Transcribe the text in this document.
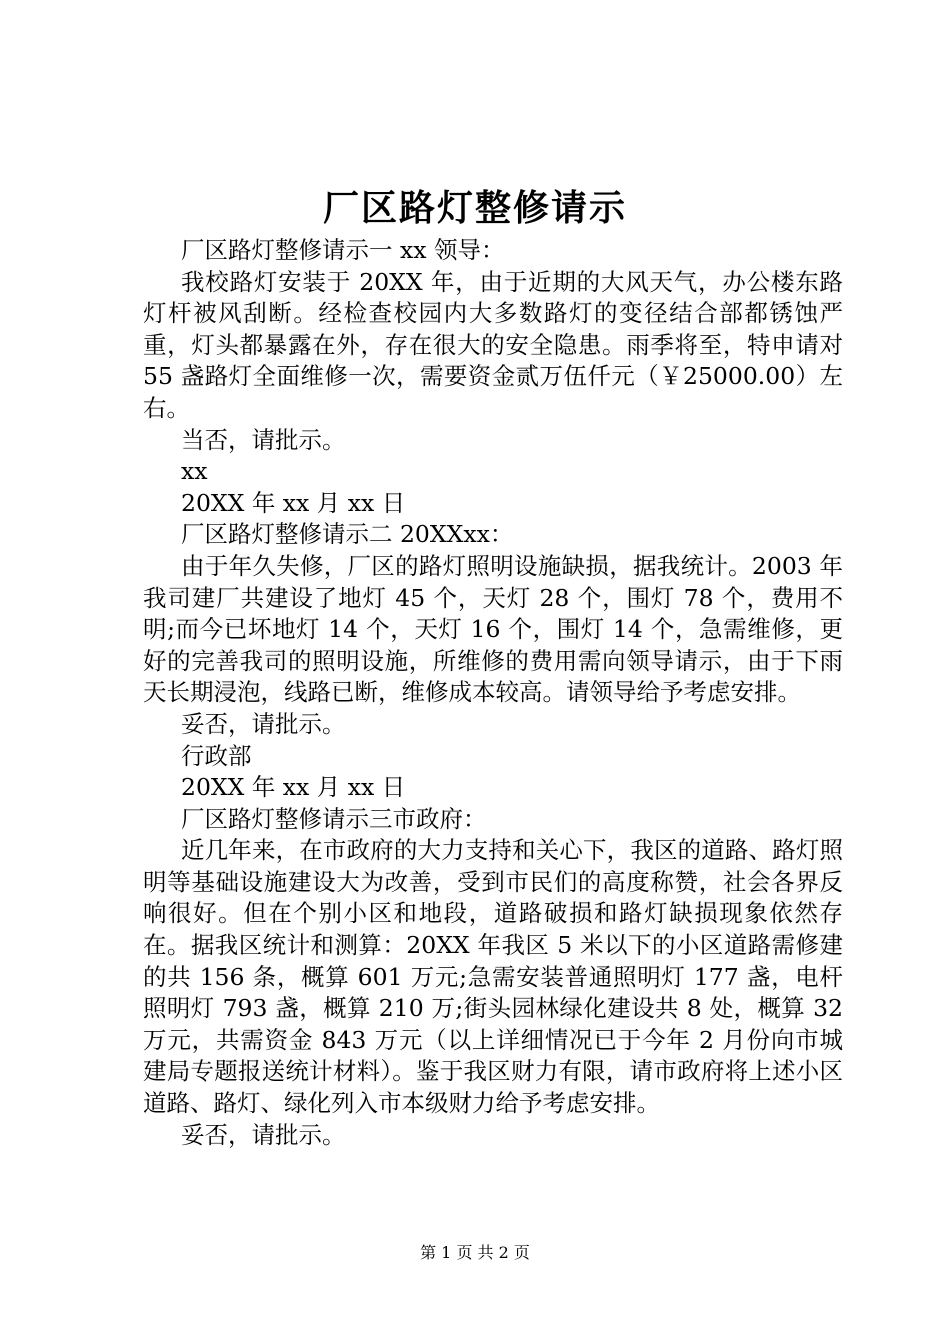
厂区路灯整修请示

厂区路灯整修请示一 xx 领导：

我校路灯安装于 20XX 年，由于近期的大风天气，办公楼东路灯杆被风刮断。经检查校园内大多数路灯的变径结合部都锈蚀严重，灯头都暴露在外，存在很大的安全隐患。雨季将至，特申请对 55 盏路灯全面维修一次，需要资金贰万伍仟元（￥25000.00）左右。

当否，请批示。

xx

20XX 年 xx 月 xx 日

厂区路灯整修请示二 20XXxx：

由于年久失修，厂区的路灯照明设施缺损，据我统计。2003 年我司建厂共建设了地灯 45 个，天灯 28 个，围灯 78 个，费用不明;而今已坏地灯 14 个，天灯 16 个，围灯 14 个，急需维修，更好的完善我司的照明设施，所维修的费用需向领导请示，由于下雨天长期浸泡，线路已断，维修成本较高。请领导给予考虑安排。

妥否，请批示。

行政部

20XX 年 xx 月 xx 日

厂区路灯整修请示三市政府：

近几年来，在市政府的大力支持和关心下，我区的道路、路灯照明等基础设施建设大为改善，受到市民们的高度称赞，社会各界反响很好。但在个别小区和地段，道路破损和路灯缺损现象依然存在。据我区统计和测算：20XX 年我区 5 米以下的小区道路需修建的共 156 条，概算 601 万元;急需安装普通照明灯 177 盏，电杆照明灯 793 盏，概算 210 万;街头园林绿化建设共 8 处，概算 32 万元，共需资金 843 万元（以上详细情况已于今年 2 月份向市城建局专题报送统计材料）。鉴于我区财力有限，请市政府将上述小区道路、路灯、绿化列入市本级财力给予考虑安排。

妥否，请批示。

第 1 页 共 2 页
